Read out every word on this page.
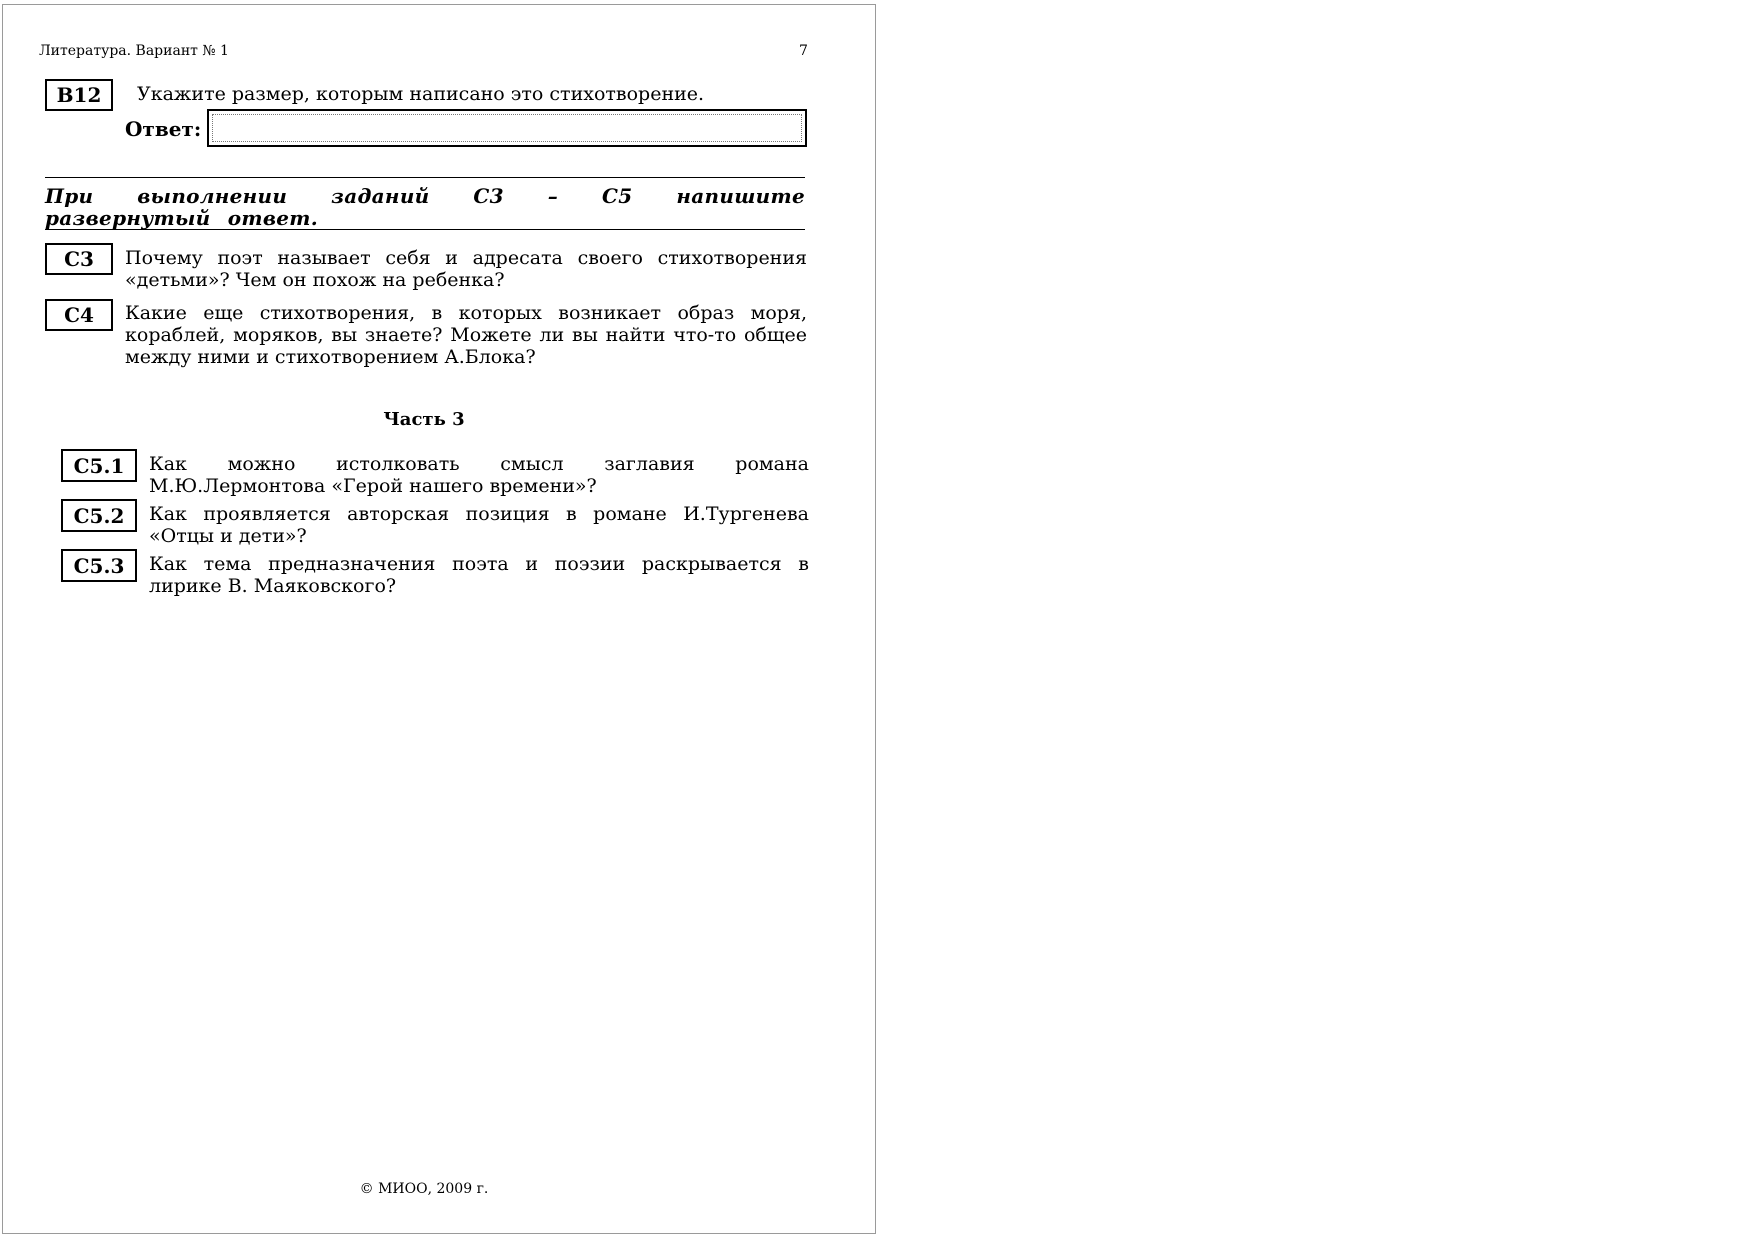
Литература. Вариант № 1	7
B12	Укажите размер, которым написано это стихотворение.
Ответ:
При выполнении заданий С3 – С5 напишите развернутый ответ.
С3	Почему поэт называет себя и адресата своего стихотворения «детьми»? Чем он похож на ребенка?
С4	Какие еще стихотворения, в которых возникает образ моря, кораблей, моряков, вы знаете? Можете ли вы найти что-то общее между ними и стихотворением А.Блока?
Часть 3
С5.1	Как можно истолковать смысл заглавия романа М.Ю.Лермонтова «Герой нашего времени»?
С5.2	Как проявляется авторская позиция в романе И.Тургенева «Отцы и дети»?
С5.3	Как тема предназначения поэта и поэзии раскрывается в лирике В. Маяковского?
© МИОО, 2009 г.
